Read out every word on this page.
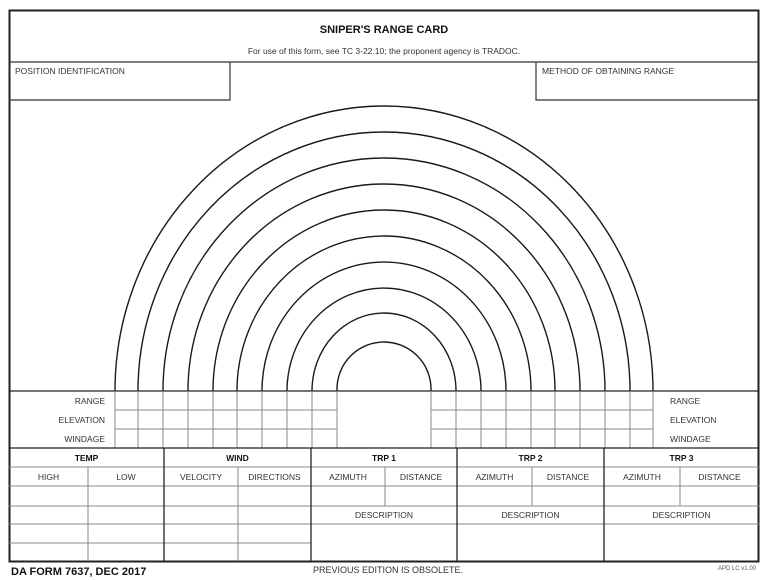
SNIPER'S RANGE CARD
For use of this form, see TC 3-22.10; the proponent agency is TRADOC.
POSITION IDENTIFICATION	METHOD OF OBTAINING RANGE
RANGE
ELEVATION
WINDAGE
RANGE
ELEVATION
WINDAGE
TEMP
HIGH	LOW
WIND
VELOCITY	DIRECTIONS
TRP 1
AZIMUTH	DISTANCE
DESCRIPTION
TRP 2
AZIMUTH	DISTANCE
DESCRIPTION
TRP 3
AZIMUTH	DISTANCE
DESCRIPTION
DA FORM 7637, DEC 2017	PREVIOUS EDITION IS OBSOLETE.	APD LC v1.00
